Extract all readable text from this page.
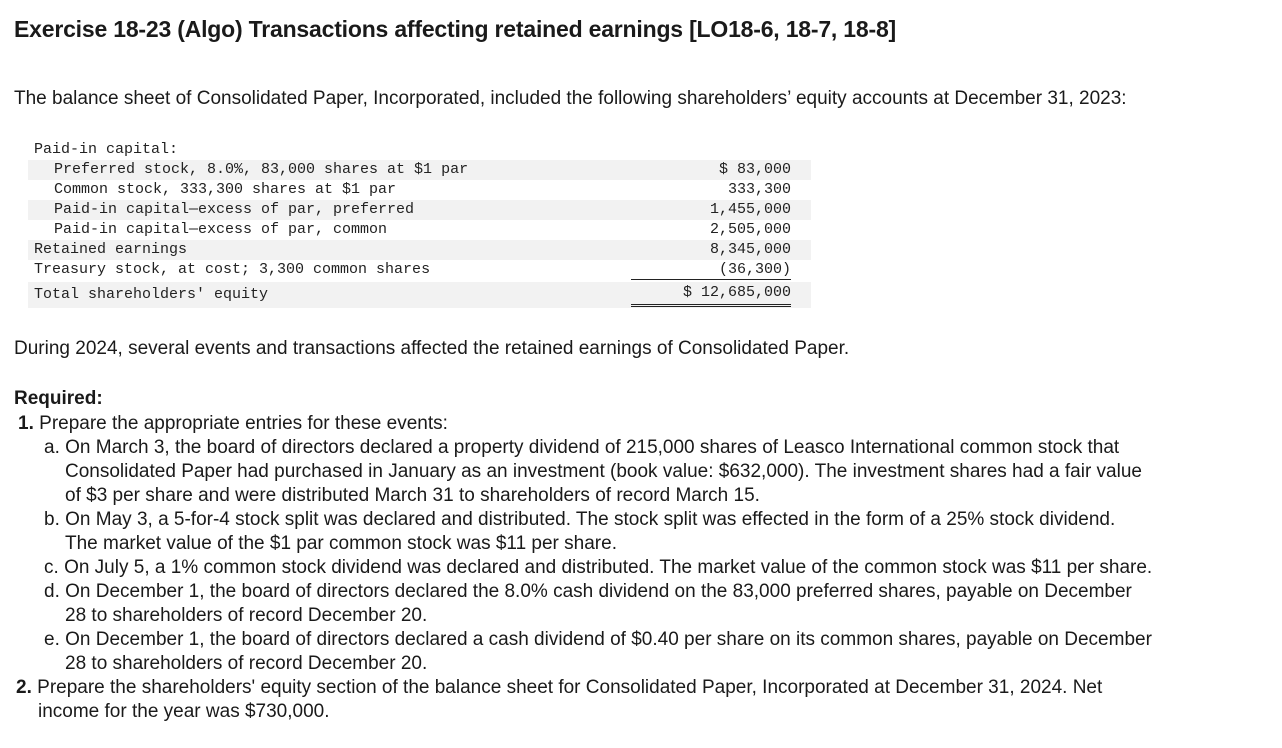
Exercise 18-23 (Algo) Transactions affecting retained earnings [LO18-6, 18-7, 18-8]

The balance sheet of Consolidated Paper, Incorporated, included the following shareholders’ equity accounts at December 31, 2023:

Paid-in capital:
Preferred stock, 8.0%, 83,000 shares at $1 par	$ 83,000
Common stock, 333,300 shares at $1 par	333,300
Paid-in capital—excess of par, preferred	1,455,000
Paid-in capital—excess of par, common	2,505,000
Retained earnings	8,345,000
Treasury stock, at cost; 3,300 common shares	(36,300)
Total shareholders' equity	$ 12,685,000

During 2024, several events and transactions affected the retained earnings of Consolidated Paper.

Required:

1. Prepare the appropriate entries for these events:
a. On March 3, the board of directors declared a property dividend of 215,000 shares of Leasco International common stock that
Consolidated Paper had purchased in January as an investment (book value: $632,000). The investment shares had a fair value
of $3 per share and were distributed March 31 to shareholders of record March 15.
b. On May 3, a 5-for-4 stock split was declared and distributed. The stock split was effected in the form of a 25% stock dividend.
The market value of the $1 par common stock was $11 per share.
c. On July 5, a 1% common stock dividend was declared and distributed. The market value of the common stock was $11 per share.
d. On December 1, the board of directors declared the 8.0% cash dividend on the 83,000 preferred shares, payable on December
28 to shareholders of record December 20.
e. On December 1, the board of directors declared a cash dividend of $0.40 per share on its common shares, payable on December
28 to shareholders of record December 20.
2. Prepare the shareholders' equity section of the balance sheet for Consolidated Paper, Incorporated at December 31, 2024. Net
income for the year was $730,000.
